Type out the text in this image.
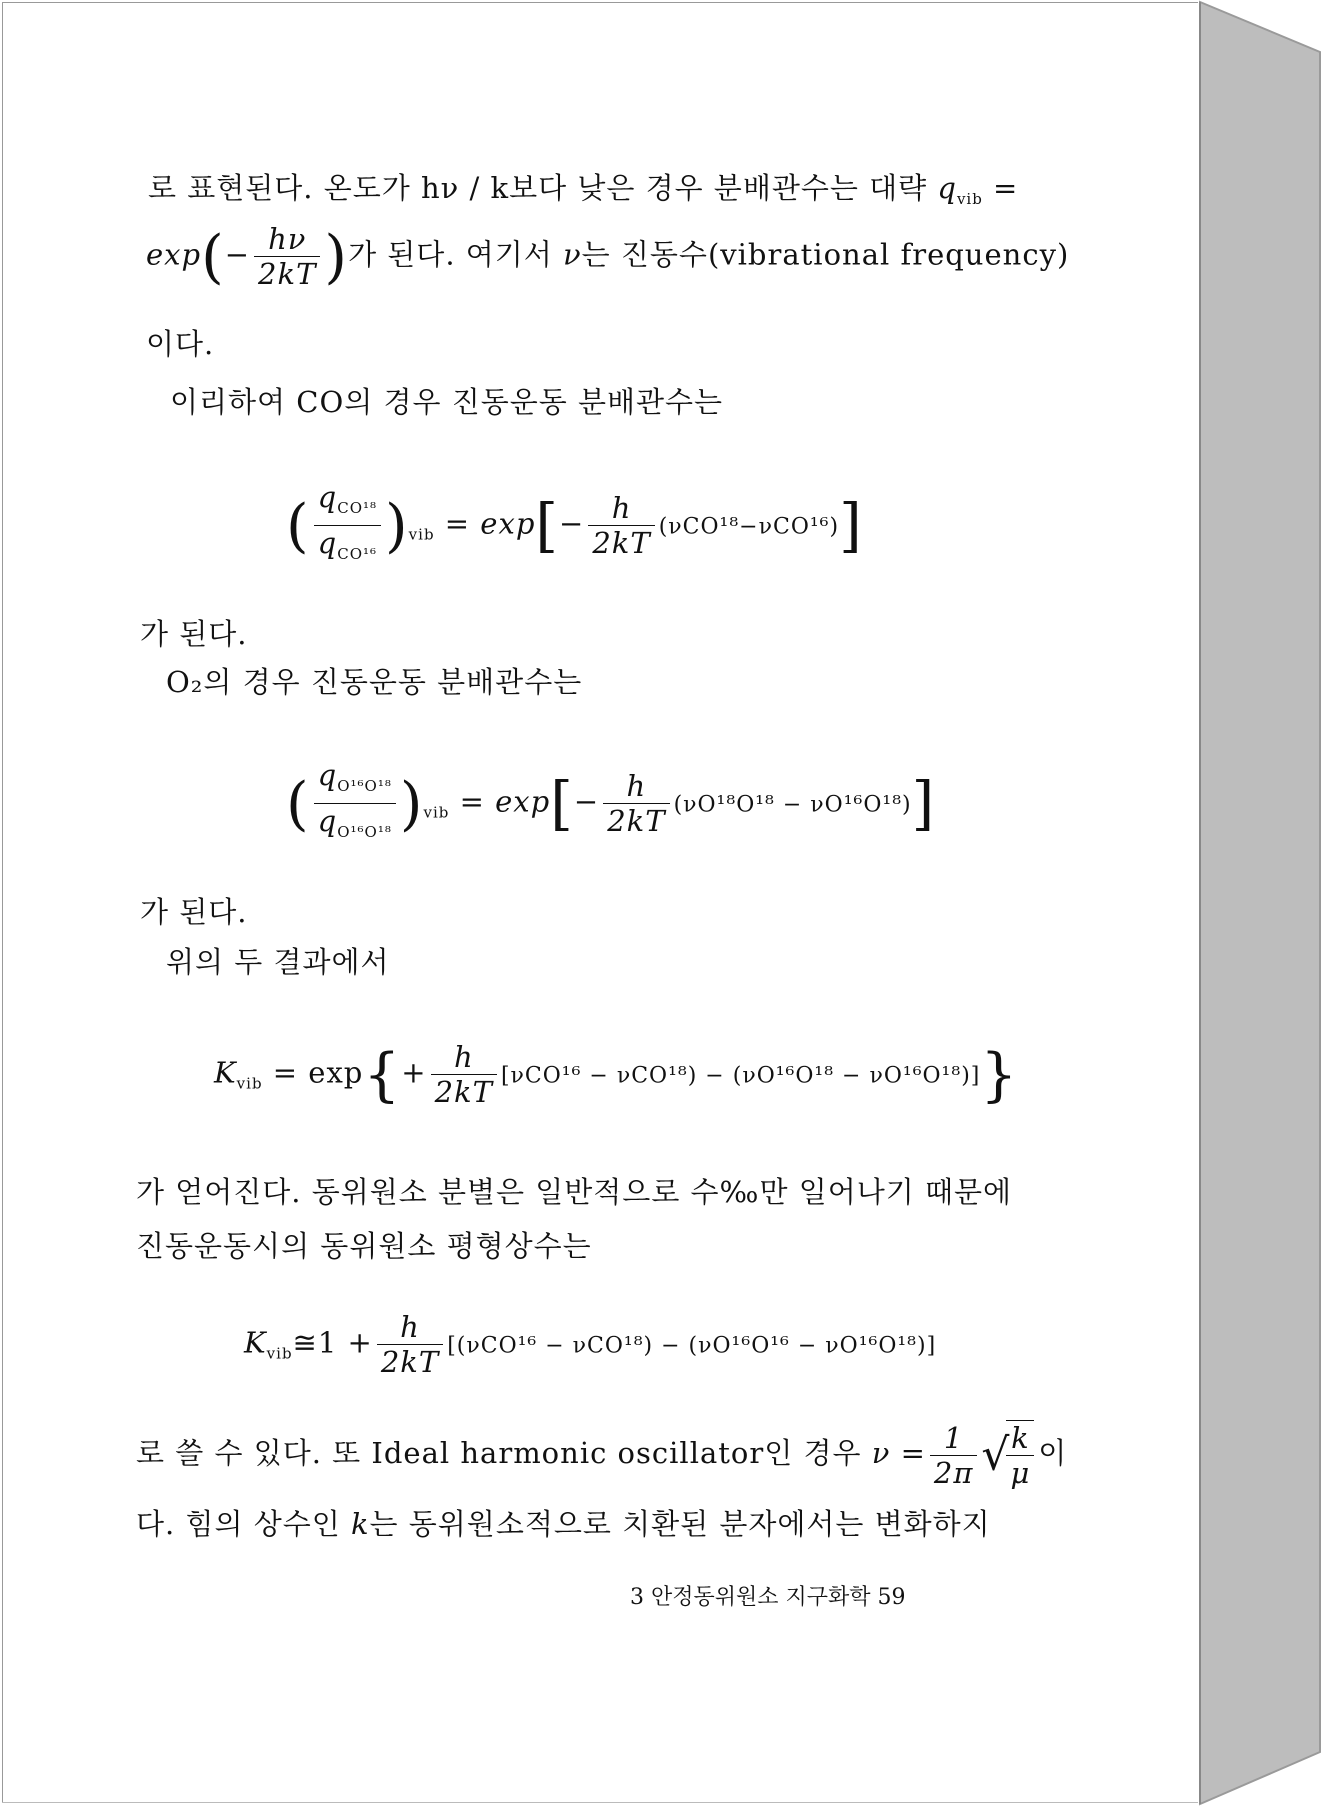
로 표현된다. 온도가 hν / k보다 낮은 경우 분배관수는 대략 $q_{vib}$ =
$\exp(- \frac{h\nu}{2kT}$ )가 된다. 여기서 ν는 진동수(vibrational frequency)
이다.
이리하여 CO의 경우 진동운동 분배관수는
( $\frac{q_{CO^{18}}}{q_{CO^{16}}} )_{vib} = \exp[- \frac{h}{2kT} (\nu CO^{18}-\nu CO^{16})]$
가 된다.
O₂의 경우 진동운동 분배관수는
( $\frac{q_{O^{16}O^{18}}}{q_{O^{16}O^{18}}} )_{vib} = \exp[- \frac{h}{2kT} (\nu O^{18}O^{18} - \nu O^{16}O^{18})]$
가 된다.
위의 두 결과에서
$K_{vib} = \exp\{+ \frac{h}{2kT} [\nu CO^{16} - \nu CO^{18}) - (\nu O^{16}O^{18} - \nu O^{16}O^{18})]$}
가 얻어진다. 동위원소 분별은 일반적으로 수‰만 일어나기 때문에
진동운동시의 동위원소 평형상수는
$K_{vib}≅1 + \frac{h}{2kT} [(\nu CO^{16} - \nu CO^{18}) - (\nu O^{16}O^{16} - \nu O^{16}O^{18})]$
로 쓸 수 있다. 또 Ideal harmonic oscillator인 경우 $\nu = \frac{1}{2\pi}$ √
$\frac{k}{\mu}$ 이
다. 힘의 상수인 k는 동위원소적으로 치환된 분자에서는 변화하지
3 안정동위원소 지구화학 59
